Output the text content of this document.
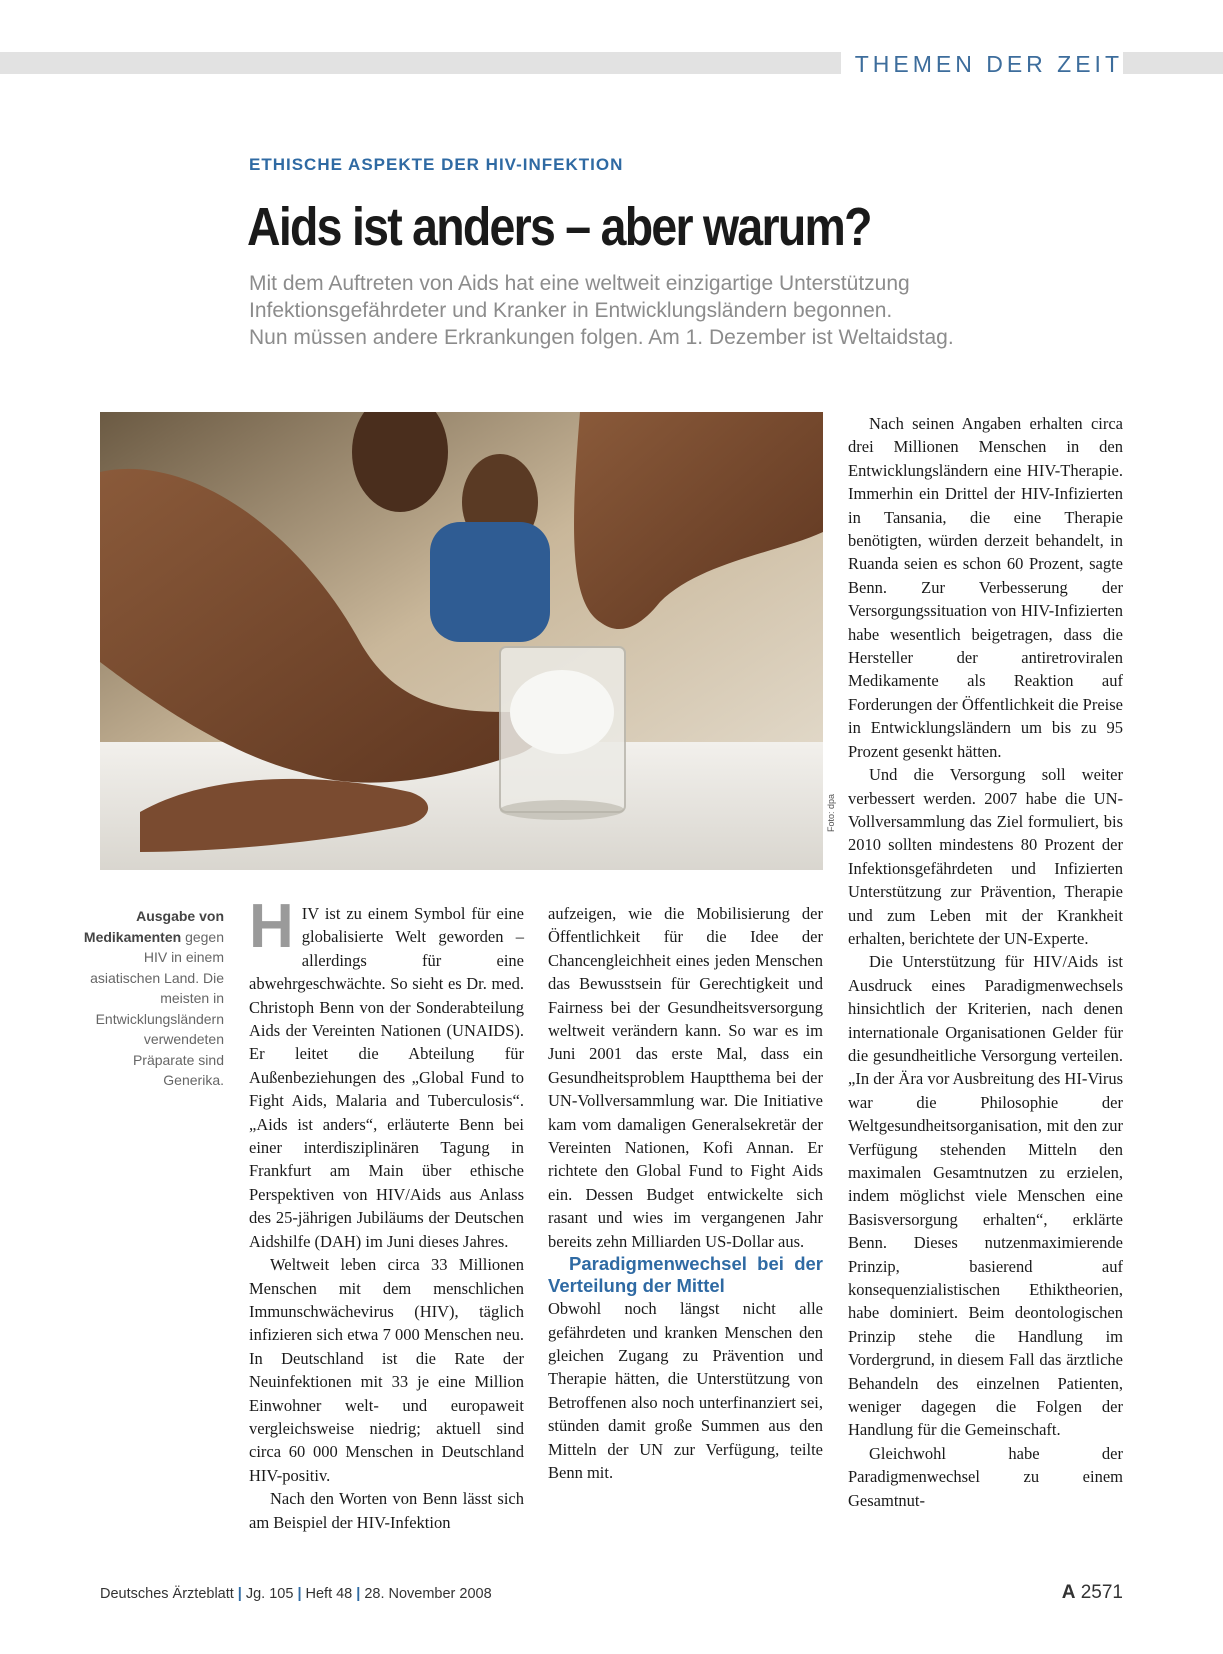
THEMEN DER ZEIT
ETHISCHE ASPEKTE DER HIV-INFEKTION
Aids ist anders – aber warum?
Mit dem Auftreten von Aids hat eine weltweit einzigartige Unterstützung
Infektionsgefährdeter und Kranker in Entwicklungsländern begonnen.
Nun müssen andere Erkrankungen folgen. Am 1. Dezember ist Weltaidstag.
Foto: dpa
Ausgabe von Medikamenten gegen HIV in einem asiatischen Land. Die meisten in Entwicklungsländern verwendeten Präparate sind Generika.

HIV ist zu einem Symbol für eine globalisierte Welt geworden – allerdings für eine abwehrgeschwächte. So sieht es Dr. med. Christoph Benn von der Sonderabteilung Aids der Vereinten Nationen (UNAIDS). Er leitet die Abteilung für Außenbeziehungen des „Global Fund to Fight Aids, Malaria and Tuberculosis“. „Aids ist anders“, erläuterte Benn bei einer interdisziplinären Tagung in Frankfurt am Main über ethische Perspektiven von HIV/Aids aus Anlass des 25-jährigen Jubiläums der Deutschen Aidshilfe (DAH) im Juni dieses Jahres.

Weltweit leben circa 33 Millionen Menschen mit dem menschlichen Immunschwächevirus (HIV), täglich infizieren sich etwa 7 000 Menschen neu. In Deutschland ist die Rate der Neuinfektionen mit 33 je eine Million Einwohner welt- und europaweit vergleichsweise niedrig; aktuell sind circa 60 000 Menschen in Deutschland HIV-positiv.

Nach den Worten von Benn lässt sich am Beispiel der HIV-Infektion

aufzeigen, wie die Mobilisierung der Öffentlichkeit für die Idee der Chancengleichheit eines jeden Menschen das Bewusstsein für Gerechtigkeit und Fairness bei der Gesundheitsversorgung weltweit verändern kann. So war es im Juni 2001 das erste Mal, dass ein Gesundheitsproblem Hauptthema bei der UN-Vollversammlung war. Die Initiative kam vom damaligen Generalsekretär der Vereinten Nationen, Kofi Annan. Er richtete den Global Fund to Fight Aids ein. Dessen Budget entwickelte sich rasant und wies im vergangenen Jahr bereits zehn Milliarden US-Dollar aus.

Paradigmenwechsel bei der Verteilung der Mittel

Obwohl noch längst nicht alle gefährdeten und kranken Menschen den gleichen Zugang zu Prävention und Therapie hätten, die Unterstützung von Betroffenen also noch unterfinanziert sei, stünden damit große Summen aus den Mitteln der UN zur Verfügung, teilte Benn mit.

Nach seinen Angaben erhalten circa drei Millionen Menschen in den Entwicklungsländern eine HIV-Therapie. Immerhin ein Drittel der HIV-Infizierten in Tansania, die eine Therapie benötigten, würden derzeit behandelt, in Ruanda seien es schon 60 Prozent, sagte Benn. Zur Verbesserung der Versorgungssituation von HIV-Infizierten habe wesentlich beigetragen, dass die Hersteller der antiretroviralen Medikamente als Reaktion auf Forderungen der Öffentlichkeit die Preise in Entwicklungsländern um bis zu 95 Prozent gesenkt hätten.

Und die Versorgung soll weiter verbessert werden. 2007 habe die UN-Vollversammlung das Ziel formuliert, bis 2010 sollten mindestens 80 Prozent der Infektionsgefährdeten und Infizierten Unterstützung zur Prävention, Therapie und zum Leben mit der Krankheit erhalten, berichtete der UN-Experte.

Die Unterstützung für HIV/Aids ist Ausdruck eines Paradigmenwechsels hinsichtlich der Kriterien, nach denen internationale Organisationen Gelder für die gesundheitliche Versorgung verteilen. „In der Ära vor Ausbreitung des HI-Virus war die Philosophie der Weltgesundheitsorganisation, mit den zur Verfügung stehenden Mitteln den maximalen Gesamtnutzen zu erzielen, indem möglichst viele Menschen eine Basisversorgung erhalten“, erklärte Benn. Dieses nutzenmaximierende Prinzip, basierend auf konsequenzialistischen Ethiktheorien, habe dominiert. Beim deontologischen Prinzip stehe die Handlung im Vordergrund, in diesem Fall das ärztliche Behandeln des einzelnen Patienten, weniger dagegen die Folgen der Handlung für die Gemeinschaft.

Gleichwohl habe der Paradigmenwechsel zu einem Gesamtnut-

Deutsches Ärzteblatt | Jg. 105 | Heft 48 | 28. November 2008	A 2571
